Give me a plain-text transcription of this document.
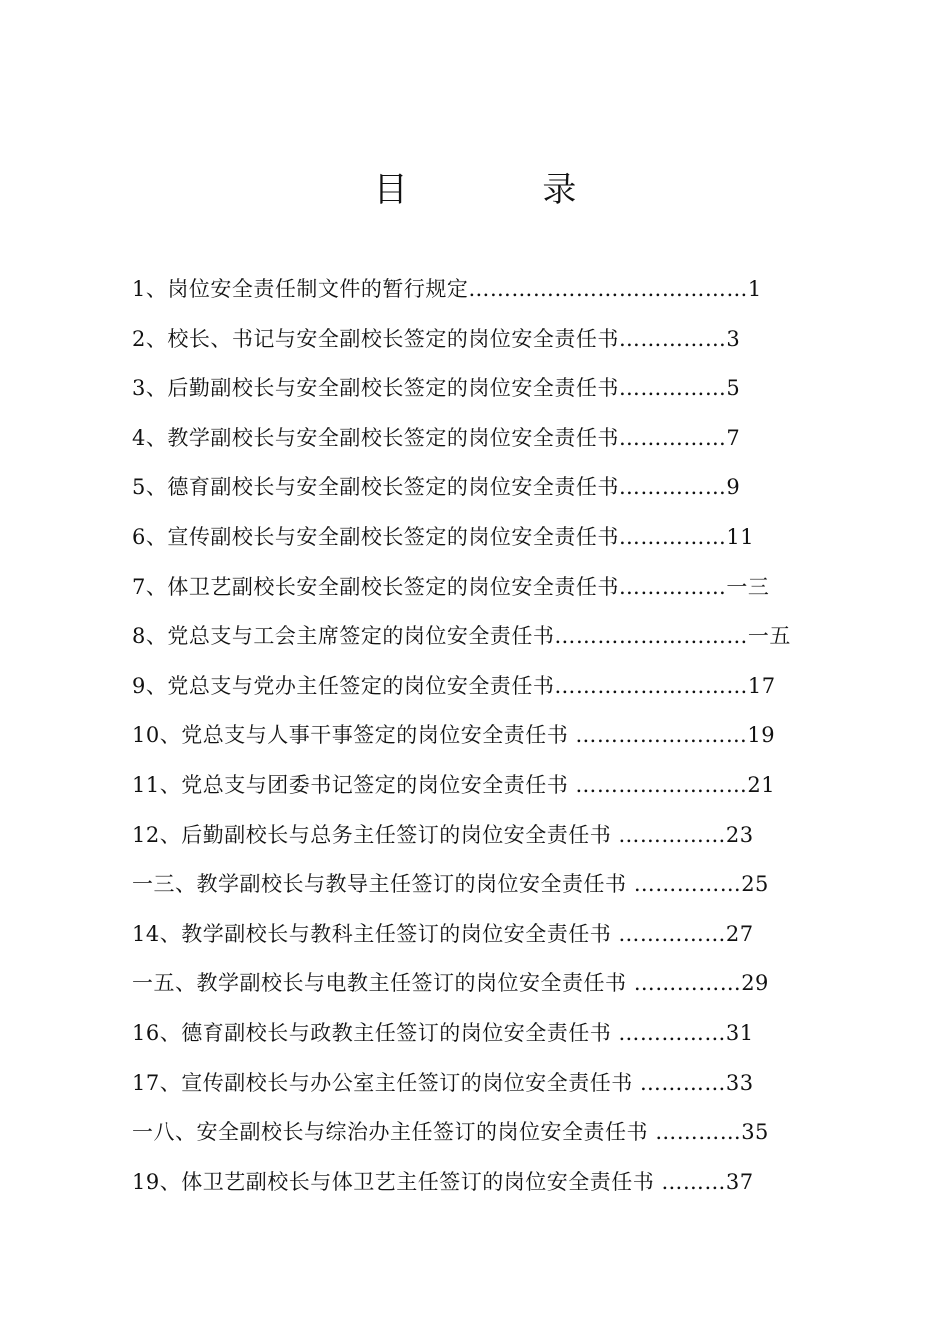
目 录
1、岗位安全责任制文件的暂行规定…………………………………1
2、校长、书记与安全副校长签定的岗位安全责任书……………3
3、后勤副校长与安全副校长签定的岗位安全责任书……………5
4、教学副校长与安全副校长签定的岗位安全责任书……………7
5、德育副校长与安全副校长签定的岗位安全责任书……………9
6、宣传副校长与安全副校长签定的岗位安全责任书……………11
7、体卫艺副校长安全副校长签定的岗位安全责任书……………一三
8、党总支与工会主席签定的岗位安全责任书………………………一五
9、党总支与党办主任签定的岗位安全责任书………………………17
10、党总支与人事干事签定的岗位安全责任书 ……………………19
11、党总支与团委书记签定的岗位安全责任书 ……………………21
12、后勤副校长与总务主任签订的岗位安全责任书 ……………23
一三、教学副校长与教导主任签订的岗位安全责任书 ……………25
14、教学副校长与教科主任签订的岗位安全责任书 ……………27
一五、教学副校长与电教主任签订的岗位安全责任书 ……………29
16、德育副校长与政教主任签订的岗位安全责任书 ……………31
17、宣传副校长与办公室主任签订的岗位安全责任书 …………33
一八、安全副校长与综治办主任签订的岗位安全责任书 …………35
19、体卫艺副校长与体卫艺主任签订的岗位安全责任书 ………37
